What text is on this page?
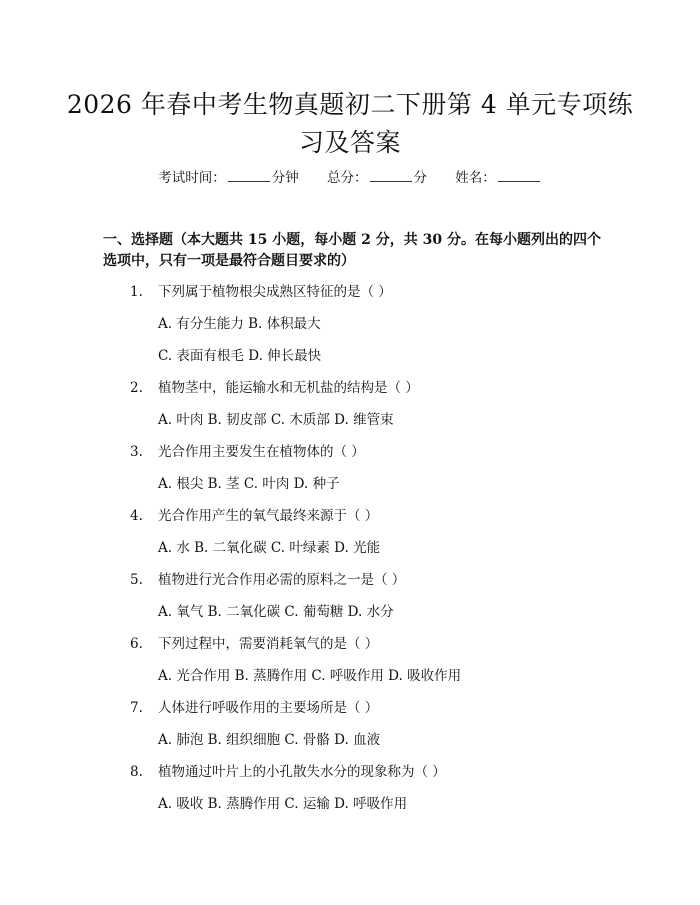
2026 年春中考生物真题初二下册第 4 单元专项练习及答案
考试时间：	分钟 总分：	分 姓名：

一、选择题（本大题共 15 小题，每小题 2 分，共 30 分。在每小题列出的四个选项中，只有一项是最符合题目要求的）

1. 下列属于植物根尖成熟区特征的是（ ）
A. 有分生能力 B. 体积最大
C. 表面有根毛 D. 伸长最快
2. 植物茎中，能运输水和无机盐的结构是（ ）
A. 叶肉 B. 韧皮部 C. 木质部 D. 维管束
3. 光合作用主要发生在植物体的（ ）
A. 根尖 B. 茎 C. 叶肉 D. 种子
4. 光合作用产生的氧气最终来源于（ ）
A. 水 B. 二氧化碳 C. 叶绿素 D. 光能
5. 植物进行光合作用必需的原料之一是（ ）
A. 氧气 B. 二氧化碳 C. 葡萄糖 D. 水分
6. 下列过程中，需要消耗氧气的是（ ）
A. 光合作用 B. 蒸腾作用 C. 呼吸作用 D. 吸收作用
7. 人体进行呼吸作用的主要场所是（ ）
A. 肺泡 B. 组织细胞 C. 骨骼 D. 血液
8. 植物通过叶片上的小孔散失水分的现象称为（ ）
A. 吸收 B. 蒸腾作用 C. 运输 D. 呼吸作用
